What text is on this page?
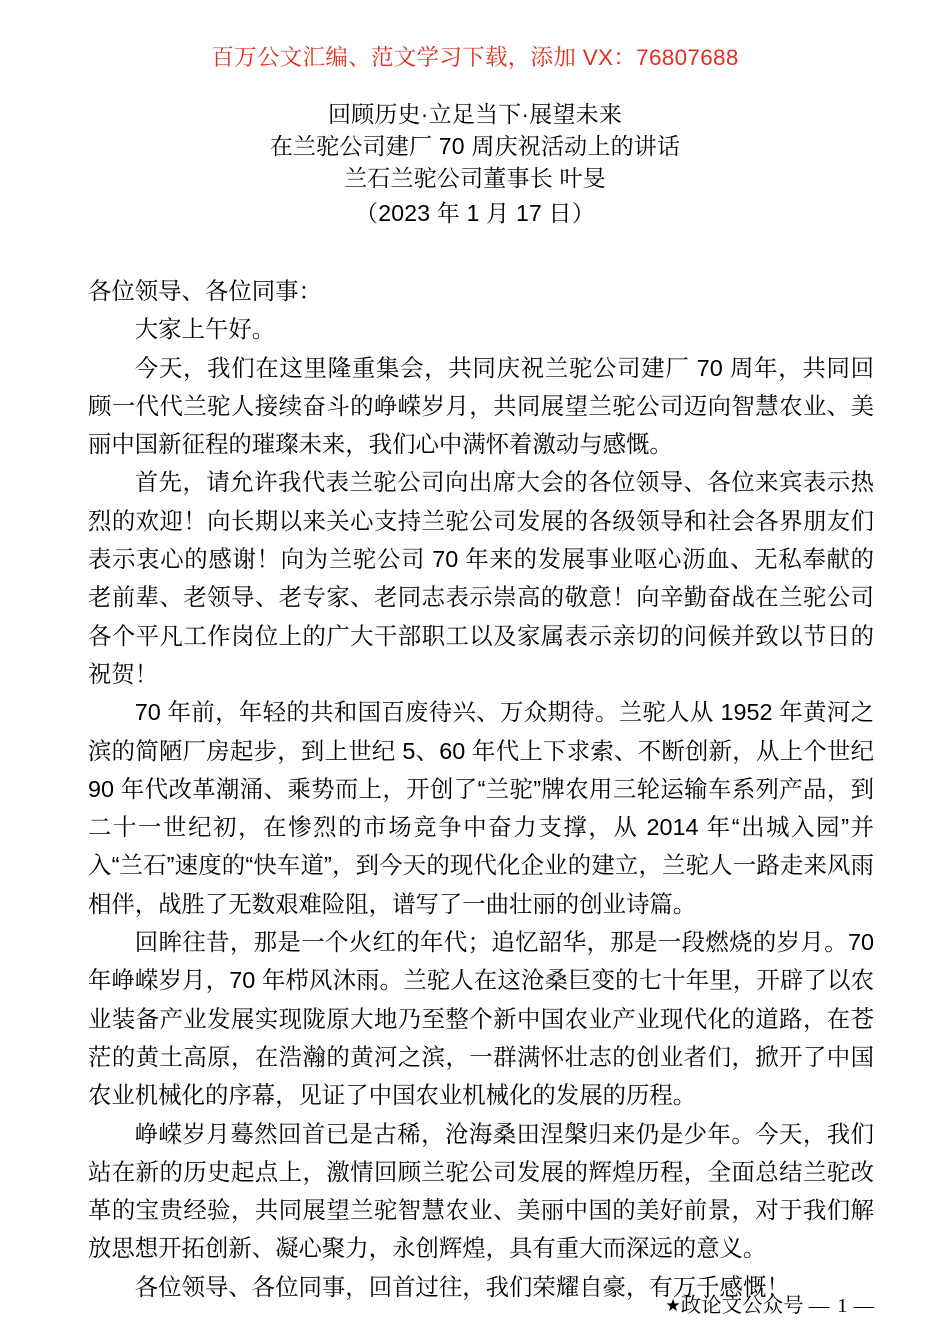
百万公文汇编、范文学习下载，添加 VX：76807688
回顾历史·立足当下·展望未来
在兰驼公司建厂 70 周庆祝活动上的讲话
兰石兰驼公司董事长 叶旻
（2023 年 1 月 17 日）

各位领导、各位同事：

大家上午好。

今天，我们在这里隆重集会，共同庆祝兰驼公司建厂 70 周年，共同回顾一代代兰驼人接续奋斗的峥嵘岁月，共同展望兰驼公司迈向智慧农业、美丽中国新征程的璀璨未来，我们心中满怀着激动与感慨。

首先，请允许我代表兰驼公司向出席大会的各位领导、各位来宾表示热烈的欢迎！向长期以来关心支持兰驼公司发展的各级领导和社会各界朋友们表示衷心的感谢！向为兰驼公司 70 年来的发展事业呕心沥血、无私奉献的老前辈、老领导、老专家、老同志表示崇高的敬意！向辛勤奋战在兰驼公司各个平凡工作岗位上的广大干部职工以及家属表示亲切的问候并致以节日的祝贺！

70 年前，年轻的共和国百废待兴、万众期待。兰驼人从 1952 年黄河之滨的简陋厂房起步，到上世纪 5、60 年代上下求索、不断创新，从上个世纪 90 年代改革潮涌、乘势而上，开创了“兰驼”牌农用三轮运输车系列产品，到二十一世纪初，在惨烈的市场竞争中奋力支撑，从 2014 年“出城入园”并入“兰石”速度的“快车道”，到今天的现代化企业的建立，兰驼人一路走来风雨相伴，战胜了无数艰难险阻，谱写了一曲壮丽的创业诗篇。

回眸往昔，那是一个火红的年代；追忆韶华，那是一段燃烧的岁月。70 年峥嵘岁月，70 年栉风沐雨。兰驼人在这沧桑巨变的七十年里，开辟了以农业装备产业发展实现陇原大地乃至整个新中国农业产业现代化的道路，在苍茫的黄土高原，在浩瀚的黄河之滨，一群满怀壮志的创业者们，掀开了中国农业机械化的序幕，见证了中国农业机械化的发展的历程。

峥嵘岁月蓦然回首已是古稀，沧海桑田涅槃归来仍是少年。今天，我们站在新的历史起点上，激情回顾兰驼公司发展的辉煌历程，全面总结兰驼改革的宝贵经验，共同展望兰驼智慧农业、美丽中国的美好前景，对于我们解放思想开拓创新、凝心聚力，永创辉煌，具有重大而深远的意义。

各位领导、各位同事，回首过往，我们荣耀自豪，有万千感慨！

★政论文公众号 — 1 —
